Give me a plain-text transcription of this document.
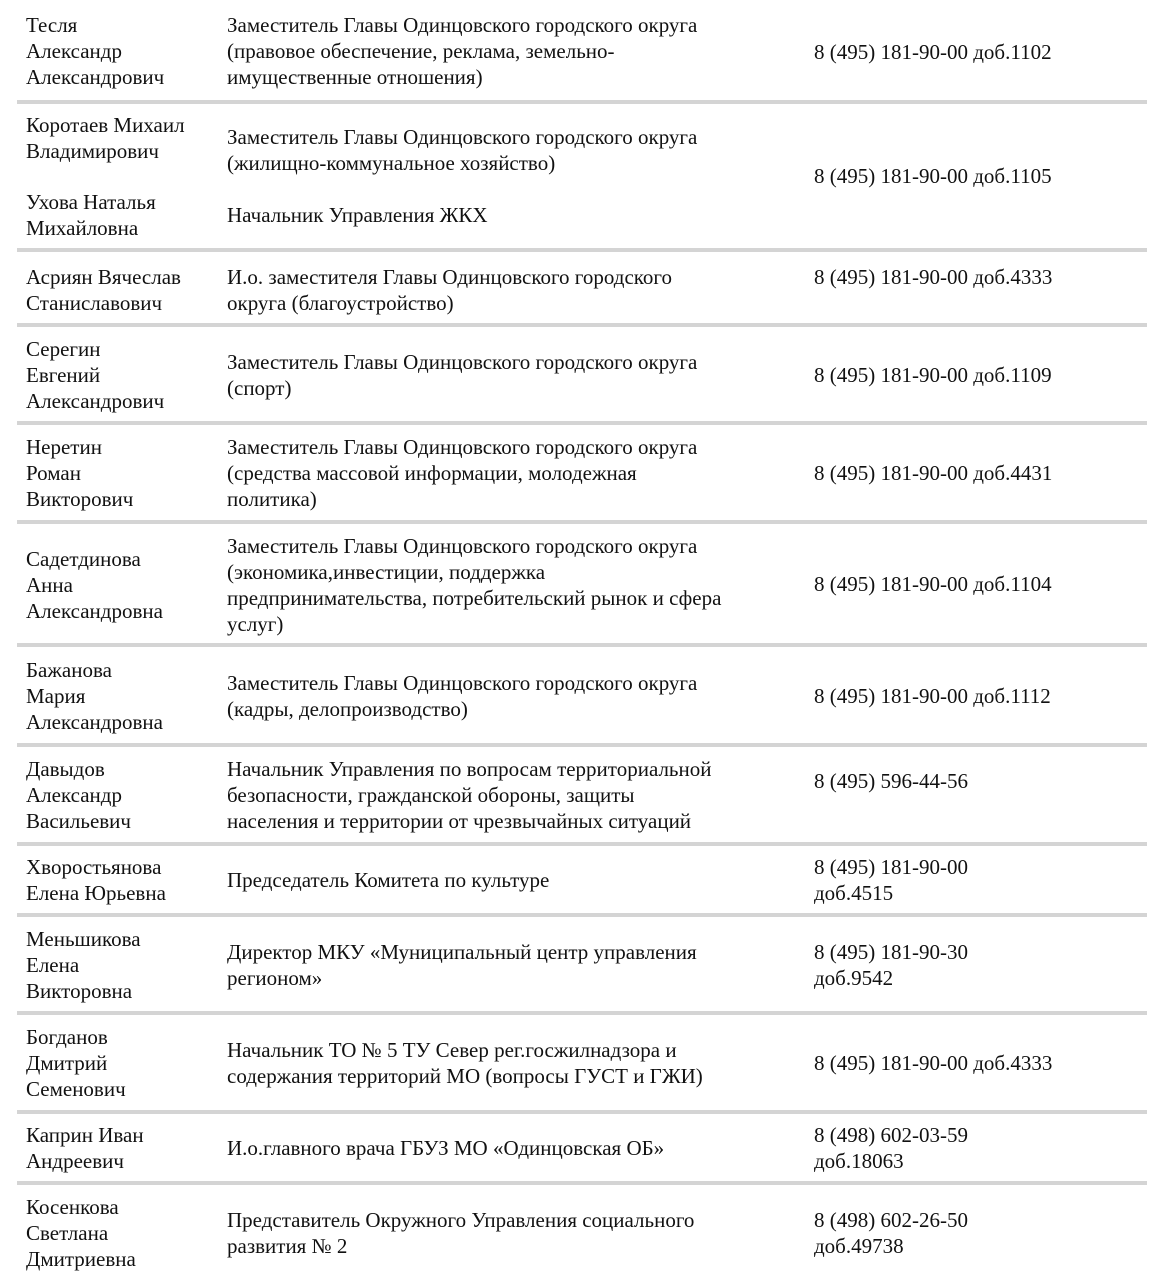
Тесля
Александр
Александрович
Заместитель Главы Одинцовского городского округа
(правовое обеспечение, реклама, земельно-
имущественные отношения)
8 (495) 181-90-00 доб.1102
Коротаев Михаил
Владимирович
Заместитель Главы Одинцовского городского округа
(жилищно-коммунальное хозяйство)
Ухова Наталья
Михайловна
Начальник Управления ЖКХ
8 (495) 181-90-00 доб.1105
Асриян Вячеслав
Станиславович
И.о. заместителя Главы Одинцовского городского
округа (благоустройство)
8 (495) 181-90-00 доб.4333
Серегин
Евгений
Александрович
Заместитель Главы Одинцовского городского округа
(спорт)
8 (495) 181-90-00 доб.1109
Неретин
Роман
Викторович
Заместитель Главы Одинцовского городского округа
(средства массовой информации, молодежная
политика)
8 (495) 181-90-00 доб.4431
Садетдинова
Анна
Александровна
Заместитель Главы Одинцовского городского округа
(экономика,инвестиции, поддержка
предпринимательства, потребительский рынок и сфера
услуг)
8 (495) 181-90-00 доб.1104
Бажанова
Мария
Александровна
Заместитель Главы Одинцовского городского округа
(кадры, делопроизводство)
8 (495) 181-90-00 доб.1112
Давыдов
Александр
Васильевич
Начальник Управления по вопросам территориальной
безопасности, гражданской обороны, защиты
населения и территории от чрезвычайных ситуаций
8 (495) 596-44-56
Хворостьянова
Елена Юрьевна
Председатель Комитета по культуре
8 (495) 181-90-00
доб.4515
Меньшикова
Елена
Викторовна
Директор МКУ «Муниципальный центр управления
регионом»
8 (495) 181-90-30
доб.9542
Богданов
Дмитрий
Семенович
Начальник ТО № 5 ТУ Север рег.госжилнадзора и
содержания территорий МО (вопросы ГУСТ и ГЖИ)
8 (495) 181-90-00 доб.4333
Каприн Иван
Андреевич
И.о.главного врача ГБУЗ МО «Одинцовская ОБ»
8 (498) 602-03-59
доб.18063
Косенкова
Светлана
Дмитриевна
Представитель Окружного Управления социального
развития № 2
8 (498) 602-26-50
доб.49738
